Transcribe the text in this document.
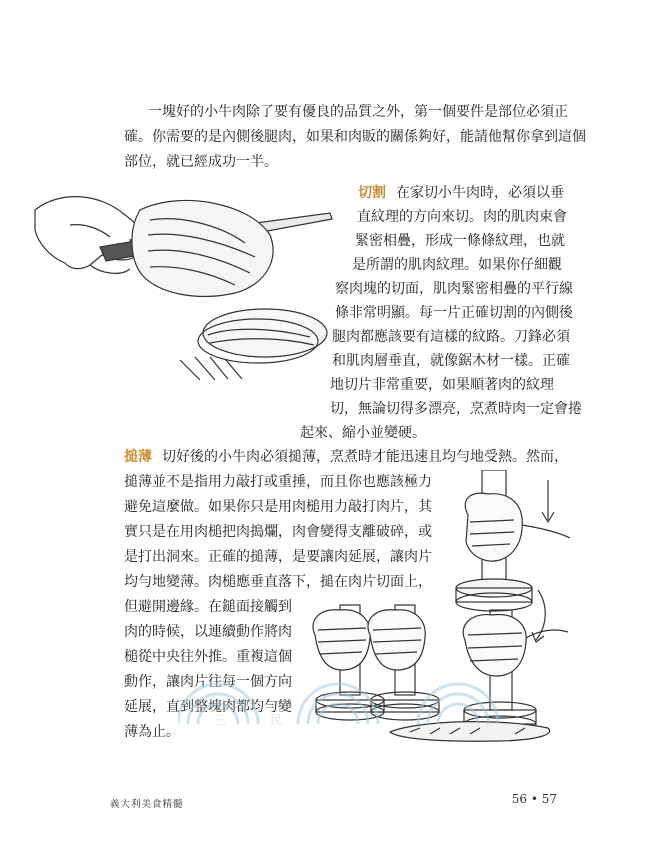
一塊好的小牛肉除了要有優良的品質之外，第一個要件是部位必須正

確。你需要的是內側後腿肉，如果和肉販的關係夠好，能請他幫你拿到這個

部位，就已經成功一半。

切割 在家切小牛肉時，必須以垂

直紋理的方向來切。肉的肌肉束會

緊密相疊，形成一條條紋理，也就

是所謂的肌肉紋理。如果你仔細觀

察肉塊的切面，肌肉緊密相疊的平行線

條非常明顯。每一片正確切割的內側後

腿肉都應該要有這樣的紋路。刀鋒必須

和肌肉層垂直，就像鋸木材一樣。正確

地切片非常重要，如果順著肉的紋理

切，無論切得多漂亮，烹煮時肉一定會捲

起來、縮小並變硬。

搥薄 切好後的小牛肉必須搥薄，烹煮時才能迅速且均勻地受熱。然而，

搥薄並不是指用力敲打或重捶，而且你也應該極力

避免這麼做。如果你只是用肉槌用力敲打肉片，其

實只是在用肉槌把肉搗爛，肉會變得支離破碎，或

是打出洞來。正確的搥薄，是要讓肉延展，讓肉片

均勻地變薄。肉槌應垂直落下，搥在肉片切面上，

但避開邊緣。在鎚面接觸到

肉的時候，以連續動作將肉

槌從中央往外推。重複這個

動作，讓肉片往每一個方向

延展，直到整塊肉都均勻變

薄為止。

三	民
義大利美食精髓	56 • 57
